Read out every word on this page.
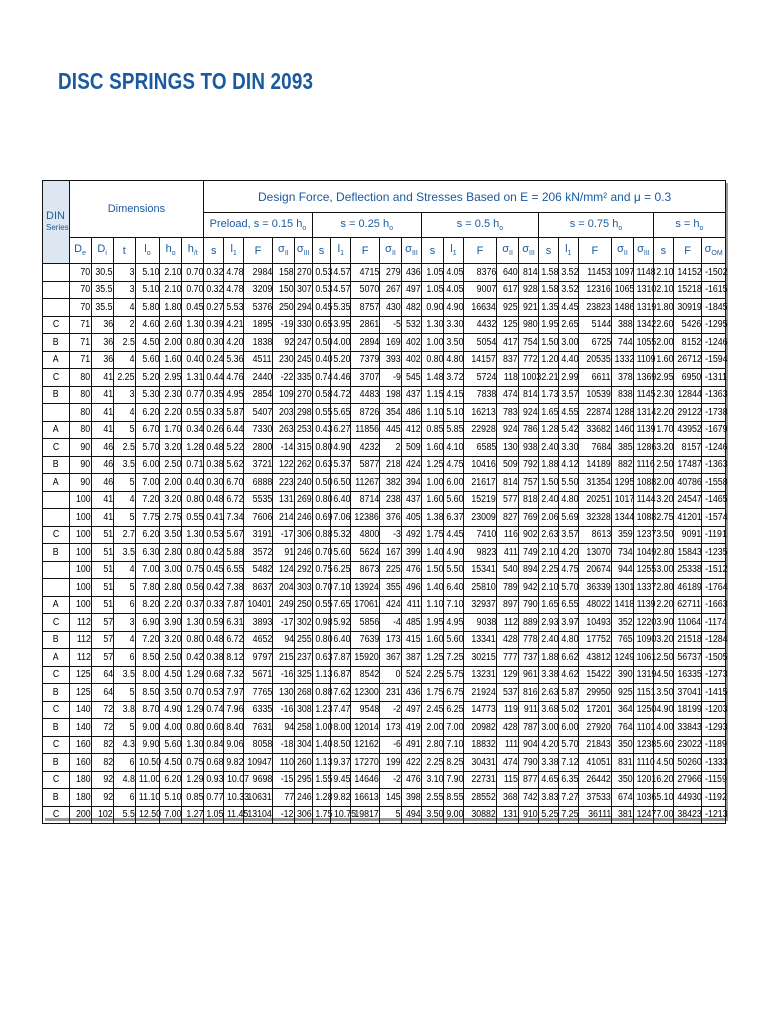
DISC SPRINGS TO DIN 2093
DIN
Series	Dimensions						Design Force, Deflection and Stresses Based on E = 206 kN/mm² and μ = 0.3																						
							Preload, s = 0.15 $h_o$					s = 0.25 $h_o$					s = 0.5 $h_o$					s = 0.75 $h_o$					$s = h_o$
	$D_e$	$D_i$	t	$l_o$	$h_o$	$h_{/t}$	s	$l_1$	F	$\sigma_{II}$	$\sigma_{III}$	s	$l_1$	F	$\sigma_{II}$	$\sigma_{III}$	s	$l_1$	F	$\sigma_{II}$	$\sigma_{III}$	s	$l_1$	F	$\sigma_{II}$	$\sigma_{III}$	s	F	$\sigma_{OM}$
	70	30.5	3	5.10	2.10	0.70	0.32	4.78	2984	158	270	0.53	4.57	4715	279	436	1.05	4.05	8376	640	814	1.58	3.52	11453	1097	1148	2.10	14152	-1502
	70	35.5	3	5.10	2.10	0.70	0.32	4.78	3209	150	307	0.53	4.57	5070	267	497	1.05	4.05	9007	617	928	1.58	3.52	12316	1065	1310	2.10	15218	-1615
	70	35.5	4	5.80	1.80	0.45	0.27	5.53	5376	250	294	0.45	5.35	8757	430	482	0.90	4.90	16634	925	921	1.35	4.45	23823	1486	1319	1.80	30919	-1845
C	71	36	2	4.60	2.60	1.30	0.39	4.21	1895	-19	330	0.65	3.95	2861	-5	532	1.30	3.30	4432	125	980	1.95	2.65	5144	388	1342	2.60	5426	-1295
B	71	36	2.5	4.50	2.00	0.80	0.30	4.20	1838	92	247	0.50	4.00	2894	169	402	1.00	3.50	5054	417	754	1.50	3.00	6725	744	1055	2.00	8152	-1246
A	71	36	4	5.60	1.60	0.40	0.24	5.36	4511	230	245	0.40	5.20	7379	393	402	0.80	4.80	14157	837	772	1.20	4.40	20535	1332	1109	1.60	26712	-1594
C	80	41	2.25	5.20	2.95	1.31	0.44	4.76	2440	-22	335	0.74	4.46	3707	-9	545	1.48	3.72	5724	118	1003	2.21	2.99	6611	378	1369	2.95	6950	-1311
B	80	41	3	5.30	2.30	0.77	0.35	4.95	2854	109	270	0.58	4.72	4483	198	437	1.15	4.15	7838	474	814	1.73	3.57	10539	838	1145	2.30	12844	-1363
	80	41	4	6.20	2.20	0.55	0.33	5.87	5407	203	298	0.55	5.65	8726	354	486	1.10	5.10	16213	783	924	1.65	4.55	22874	1288	1314	2.20	29122	-1738
A	80	41	5	6.70	1.70	0.34	0.26	6.44	7330	263	253	0.43	6.27	11856	445	412	0.85	5.85	22928	924	786	1.28	5.42	33682	1460	1139	1.70	43952	-1679
C	90	46	2.5	5.70	3.20	1.28	0.48	5.22	2800	-14	315	0.80	4.90	4232	2	509	1.60	4.10	6585	130	938	2.40	3.30	7684	385	1286	3.20	8157	-1246
B	90	46	3.5	6.00	2.50	0.71	0.38	5.62	3721	122	262	0.63	5.37	5877	218	424	1.25	4.75	10416	509	792	1.88	4.12	14189	882	1116	2.50	17487	-1363
A	90	46	5	7.00	2.00	0.40	0.30	6.70	6888	223	240	0.50	6.50	11267	382	394	1.00	6.00	21617	814	757	1.50	5.50	31354	1295	1088	2.00	40786	-1558
	100	41	4	7.20	3.20	0.80	0.48	6.72	5535	131	269	0.80	6.40	8714	238	437	1.60	5.60	15219	577	818	2.40	4.80	20251	1017	1144	3.20	24547	-1465
	100	41	5	7.75	2.75	0.55	0.41	7.34	7606	214	246	0.69	7.06	12386	376	405	1.38	6.37	23009	827	769	2.06	5.69	32328	1344	1088	2.75	41201	-1574
C	100	51	2.7	6.20	3.50	1.30	0.53	5.67	3191	-17	306	0.88	5.32	4800	-3	492	1.75	4.45	7410	116	902	2.63	3.57	8613	359	1237	3.50	9091	-1191
B	100	51	3.5	6.30	2.80	0.80	0.42	5.88	3572	91	246	0.70	5.60	5624	167	399	1.40	4.90	9823	411	749	2.10	4.20	13070	734	1049	2.80	15843	-1235
	100	51	4	7.00	3.00	0.75	0.45	6.55	5482	124	292	0.75	6.25	8673	225	476	1.50	5.50	15341	540	894	2.25	4.75	20674	944	1255	3.00	25338	-1512
	100	51	5	7.80	2.80	0.56	0.42	7.38	8637	204	303	0.70	7.10	13924	355	496	1.40	6.40	25810	789	942	2.10	5.70	36339	1301	1337	2.80	46189	-1764
A	100	51	6	8.20	2.20	0.37	0.33	7.87	10401	249	250	0.55	7.65	17061	424	411	1.10	7.10	32937	897	790	1.65	6.55	48022	1418	1139	2.20	62711	-1663
C	112	57	3	6.90	3.90	1.30	0.59	6.31	3893	-17	302	0.98	5.92	5856	-4	485	1.95	4.95	9038	112	889	2.93	3.97	10493	352	1220	3.90	11064	-1174
B	112	57	4	7.20	3.20	0.80	0.48	6.72	4652	94	255	0.80	6.40	7639	173	415	1.60	5.60	13341	428	778	2.40	4.80	17752	765	1090	3.20	21518	-1284
A	112	57	6	8.50	2.50	0.42	0.38	8.12	9797	215	237	0.63	7.87	15920	367	387	1.25	7.25	30215	777	737	1.88	6.62	43812	1249	1061	2.50	56737	-1505
C	125	64	3.5	8.00	4.50	1.29	0.68	7.32	5671	-16	325	1.13	6.87	8542	0	524	2.25	5.75	13231	129	961	3.38	4.62	15422	390	1319	4.50	16335	-1273
B	125	64	5	8.50	3.50	0.70	0.53	7.97	7765	130	268	0.88	7.62	12300	231	436	1.75	6.75	21924	537	816	2.63	5.87	29950	925	1151	3.50	37041	-1415
C	140	72	3.8	8.70	4.90	1.29	0.74	7.96	6335	-16	308	1.23	7.47	9548	-2	497	2.45	6.25	14773	119	911	3.68	5.02	17201	364	1250	4.90	18199	-1203
B	140	72	5	9.00	4.00	0.80	0.60	8.40	7631	94	258	1.00	8.00	12014	173	419	2.00	7.00	20982	428	787	3.00	6.00	27920	764	1101	4.00	33843	-1293
C	160	82	4.3	9.90	5.60	1.30	0.84	9.06	8058	-18	304	1.40	8.50	12162	-6	491	2.80	7.10	18832	111	904	4.20	5.70	21843	350	1238	5.60	23022	-1189
B	160	82	6	10.50	4.50	0.75	0.68	9.82	10947	110	260	1.13	9.37	17270	199	422	2.25	8.25	30431	474	790	3.38	7.12	41051	831	1110	4.50	50260	-1333
C	180	92	4.8	11.00	6.20	1.29	0.93	10.07	9698	-15	295	1.55	9.45	14646	-2	476	3.10	7.90	22731	115	877	4.65	6.35	26442	350	1201	6.20	27966	-1159
B	180	92	6	11.10	5.10	0.85	0.77	10.33	10631	77	246	1.28	9.82	16613	145	398	2.55	8.55	28552	368	742	3.83	7.27	37533	674	1036	5.10	44930	-1192
C	200	102	5.5	12.50	7.00	1.27	1.05	11.45	13104	-12	306	1.75	10.75	19817	5	494	3.50	9.00	30882	131	910	5.25	7.25	36111	381	1247	7.00	38423	-1213
